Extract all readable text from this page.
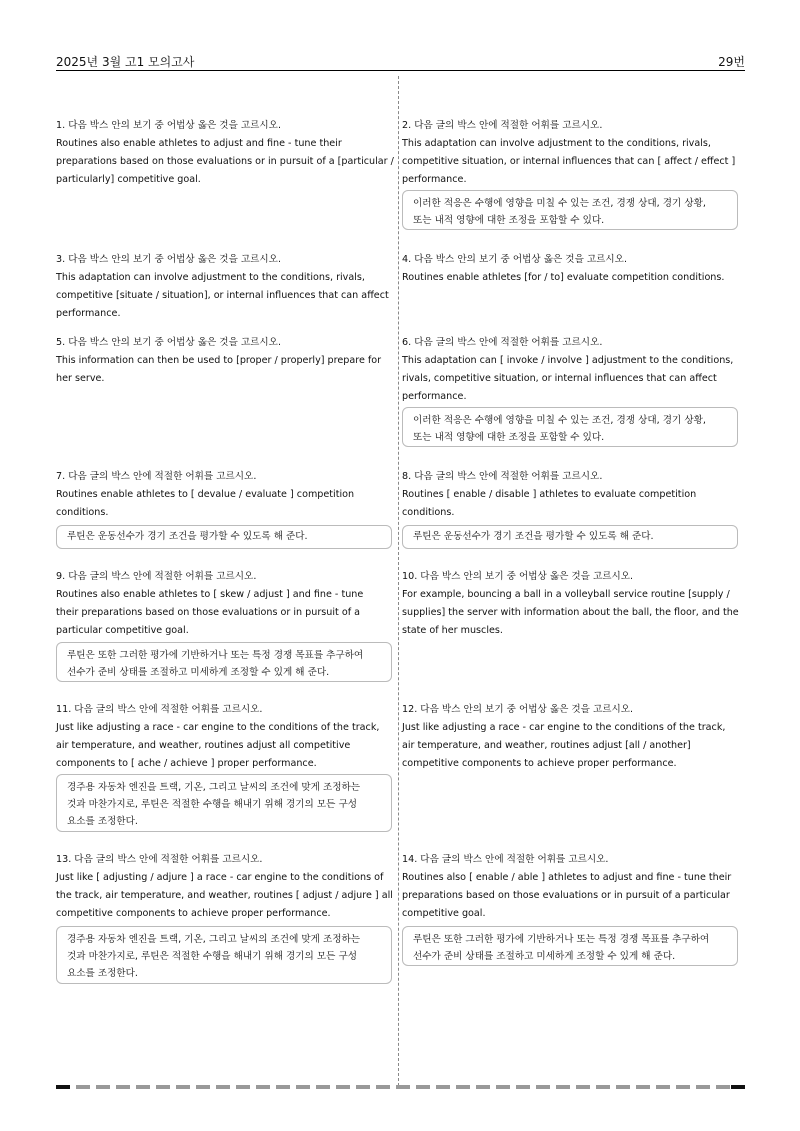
2025년 3월 고1 모의고사	29번
1. 다음 박스 안의 보기 중 어법상 옳은 것을 고르시오.
Routines also enable athletes to adjust and fine - tune their
preparations based on those evaluations or in pursuit of a [particular /
particularly] competitive goal.
2. 다음 글의 박스 안에 적절한 어휘를 고르시오.
This adaptation can involve adjustment to the conditions, rivals,
competitive situation, or internal influences that can [ affect / effect ]
performance.
이러한 적응은 수행에 영향을 미칠 수 있는 조건, 경쟁 상대, 경기 상황,
또는 내적 영향에 대한 조정을 포함할 수 있다.
3. 다음 박스 안의 보기 중 어법상 옳은 것을 고르시오.
This adaptation can involve adjustment to the conditions, rivals,
competitive [situate / situation], or internal influences that can affect
performance.
4. 다음 박스 안의 보기 중 어법상 옳은 것을 고르시오.
Routines enable athletes [for / to] evaluate competition conditions.
5. 다음 박스 안의 보기 중 어법상 옳은 것을 고르시오.
This information can then be used to [proper / properly] prepare for
her serve.
6. 다음 글의 박스 안에 적절한 어휘를 고르시오.
This adaptation can [ invoke / involve ] adjustment to the conditions,
rivals, competitive situation, or internal influences that can affect
performance.
이러한 적응은 수행에 영향을 미칠 수 있는 조건, 경쟁 상대, 경기 상황,
또는 내적 영향에 대한 조정을 포함할 수 있다.
7. 다음 글의 박스 안에 적절한 어휘를 고르시오.
Routines enable athletes to [ devalue / evaluate ] competition
conditions.
루틴은 운동선수가 경기 조건을 평가할 수 있도록 해 준다.
8. 다음 글의 박스 안에 적절한 어휘를 고르시오.
Routines [ enable / disable ] athletes to evaluate competition
conditions.
루틴은 운동선수가 경기 조건을 평가할 수 있도록 해 준다.
9. 다음 글의 박스 안에 적절한 어휘를 고르시오.
Routines also enable athletes to [ skew / adjust ] and fine - tune
their preparations based on those evaluations or in pursuit of a
particular competitive goal.
루틴은 또한 그러한 평가에 기반하거나 또는 특정 경쟁 목표를 추구하여
선수가 준비 상태를 조절하고 미세하게 조정할 수 있게 해 준다.
10. 다음 박스 안의 보기 중 어법상 옳은 것을 고르시오.
For example, bouncing a ball in a volleyball service routine [supply /
supplies] the server with information about the ball, the floor, and the
state of her muscles.
11. 다음 글의 박스 안에 적절한 어휘를 고르시오.
Just like adjusting a race - car engine to the conditions of the track,
air temperature, and weather, routines adjust all competitive
components to [ ache / achieve ] proper performance.
경주용 자동차 엔진을 트랙, 기온, 그리고 날씨의 조건에 맞게 조정하는
것과 마찬가지로, 루틴은 적절한 수행을 해내기 위해 경기의 모든 구성
요소를 조정한다.
12. 다음 박스 안의 보기 중 어법상 옳은 것을 고르시오.
Just like adjusting a race - car engine to the conditions of the track,
air temperature, and weather, routines adjust [all / another]
competitive components to achieve proper performance.
13. 다음 글의 박스 안에 적절한 어휘를 고르시오.
Just like [ adjusting / adjure ] a race - car engine to the conditions of
the track, air temperature, and weather, routines [ adjust / adjure ] all
competitive components to achieve proper performance.
경주용 자동차 엔진을 트랙, 기온, 그리고 날씨의 조건에 맞게 조정하는
것과 마찬가지로, 루틴은 적절한 수행을 해내기 위해 경기의 모든 구성
요소를 조정한다.
14. 다음 글의 박스 안에 적절한 어휘를 고르시오.
Routines also [ enable / able ] athletes to adjust and fine - tune their
preparations based on those evaluations or in pursuit of a particular
competitive goal.
루틴은 또한 그러한 평가에 기반하거나 또는 특정 경쟁 목표를 추구하여
선수가 준비 상태를 조절하고 미세하게 조정할 수 있게 해 준다.
